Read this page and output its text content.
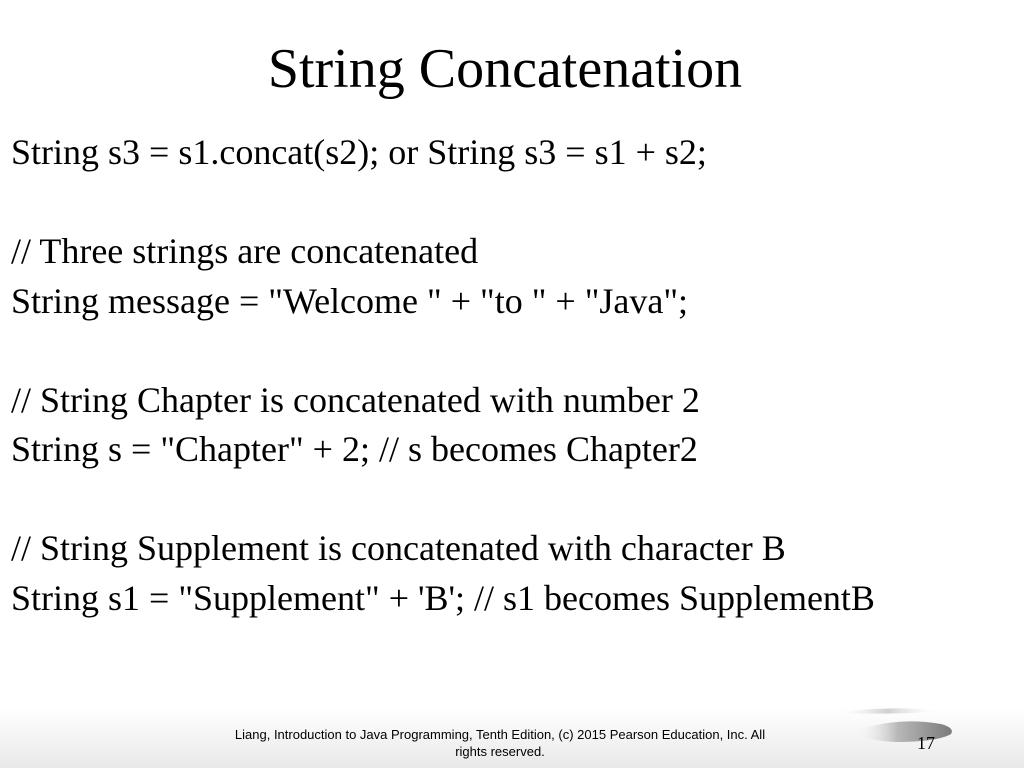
String Concatenation
String s3 = s1.concat(s2); or String s3 = s1 + s2;
// Three strings are concatenated
String message = "Welcome " + "to " + "Java";
// String Chapter is concatenated with number 2
String s = "Chapter" + 2; // s becomes Chapter2
// String Supplement is concatenated with character B
String s1 = "Supplement" + 'B'; // s1 becomes SupplementB
Liang, Introduction to Java Programming, Tenth Edition, (c) 2015 Pearson Education, Inc. All
rights reserved.	17
